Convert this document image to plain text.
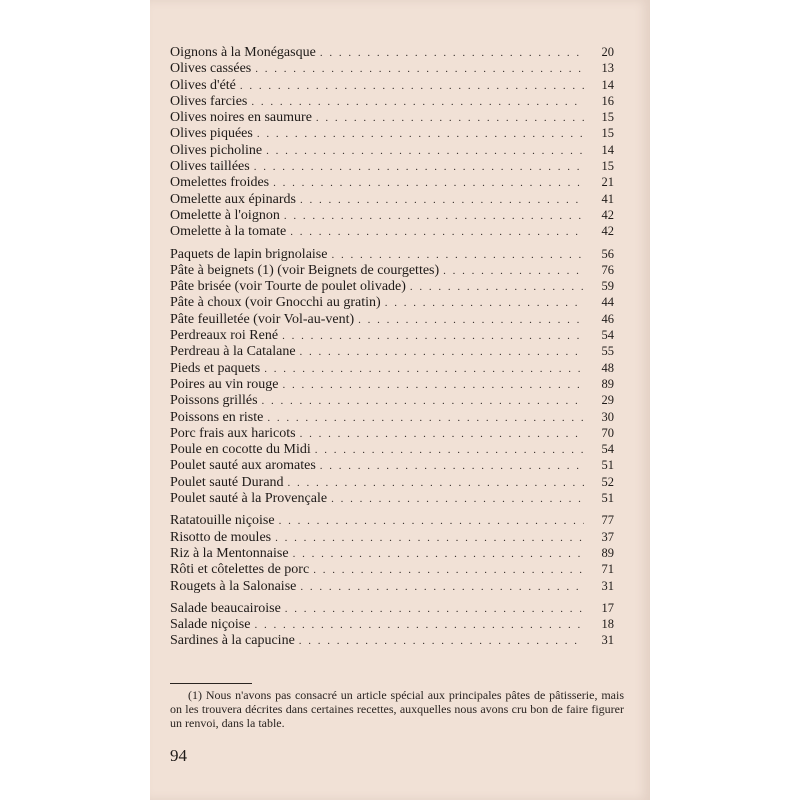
Oignons à la Monégasque . . .	20
Olives cassées . . .	13
Olives d'été . . .	14
Olives farcies . . .	16
Olives noires en saumure . . .	15
Olives piquées . . .	15
Olives picholine . . .	14
Olives taillées . . .	15
Omelettes froides . . .	21
Omelette aux épinards . . .	41
Omelette à l'oignon . . .	42
Omelette à la tomate . . .	42
Paquets de lapin brignolaise . . .	56
Pâte à beignets (1) (voir Beignets de courgettes) . . .	76
Pâte brisée (voir Tourte de poulet olivade) . . .	59
Pâte à choux (voir Gnocchi au gratin) . . .	44
Pâte feuilletée (voir Vol-au-vent) . . .	46
Perdreaux roi René . . .	54
Perdreau à la Catalane . . .	55
Pieds et paquets . . .	48
Poires au vin rouge . . .	89
Poissons grillés . . .	29
Poissons en riste . . .	30
Porc frais aux haricots . . .	70
Poule en cocotte du Midi . . .	54
Poulet sauté aux aromates . . .	51
Poulet sauté Durand . . .	52
Poulet sauté à la Provençale . . .	51
Ratatouille niçoise . . .	77
Risotto de moules . . .	37
Riz à la Mentonnaise . . .	89
Rôti et côtelettes de porc . . .	71
Rougets à la Salonaise . . .	31
Salade beaucairoise . . .	17
Salade niçoise . . .	18
Sardines à la capucine . . .	31
(1) Nous n'avons pas consacré un article spécial aux principales pâtes de pâtisserie, mais on les trouvera décrites dans certaines recettes, auxquelles nous avons cru bon de faire figurer un renvoi, dans la table.
94
